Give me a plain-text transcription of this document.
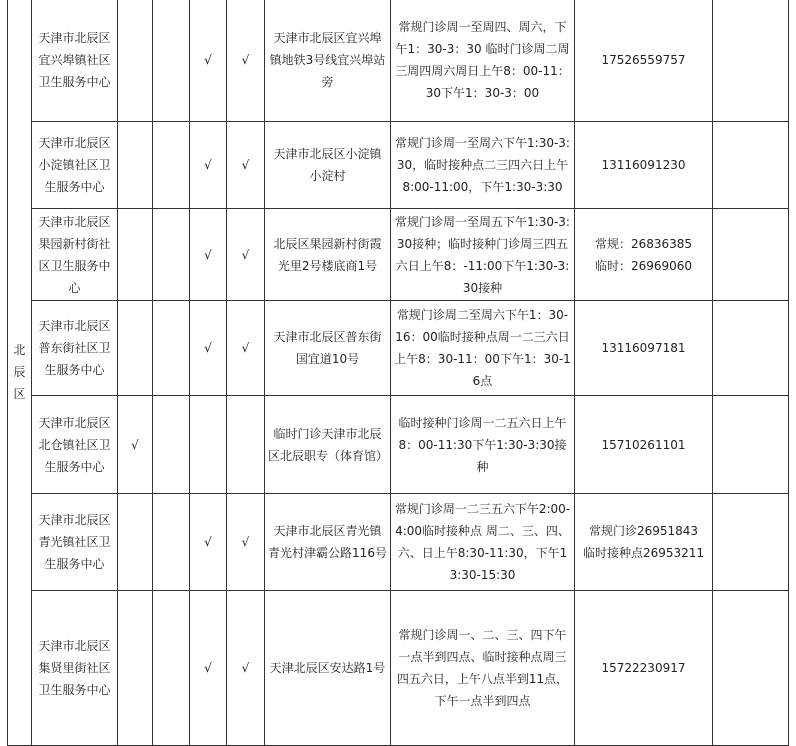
北辰区	天津市北辰区宜兴埠镇社区卫生服务中心			√	√	天津市北辰区宜兴埠镇地铁3号线宜兴埠站旁	常规门诊周一至周四、周六，下午1：30-3：30 临时门诊周二周三周四周六周日上午8：00-11：30下午1：30-3：00	17526559757	
	天津市北辰区小淀镇社区卫生服务中心			√	√	天津市北辰区小淀镇小淀村	常规门诊周一至周六下午1:30-3:30，临时接种点二三四六日上午8:00-11:00，下午1:30-3:30	13116091230	
	天津市北辰区果园新村街社区卫生服务中心			√	√	北辰区果园新村街霞光里2号楼底商1号	常规门诊周一至周五下午1:30-3:30接种；临时接种门诊周三四五六日上午8：-11:00下午1:30-3:30接种	常规：26836385
临时：26969060	
	天津市北辰区普东街社区卫生服务中心			√	√	天津市北辰区普东街国宜道10号	常规门诊周二至周六下午1：30-16：00临时接种点周一二三六日上午8：30-11：00下午1：30-16点	13116097181	
	天津市北辰区北仓镇社区卫生服务中心	√				临时门诊天津市北辰区北辰职专（体育馆）	临时接种门诊周一二五六日上午8：00-11:30下午1:30-3:30接种	15710261101	
	天津市北辰区青光镇社区卫生服务中心			√	√	天津市北辰区青光镇青光村津霸公路116号	常规门诊周一二三五六下午2:00-4:00临时接种点 周二、三、四、六、日上午8:30-11:30，下午13:30-15:30	常规门诊26951843
临时接种点26953211	
	天津市北辰区集贤里街社区卫生服务中心			√	√	天津北辰区安达路1号	常规门诊周一、二、三、四下午一点半到四点、临时接种点周三四五六日，上午八点半到11点，下午一点半到四点	15722230917	
